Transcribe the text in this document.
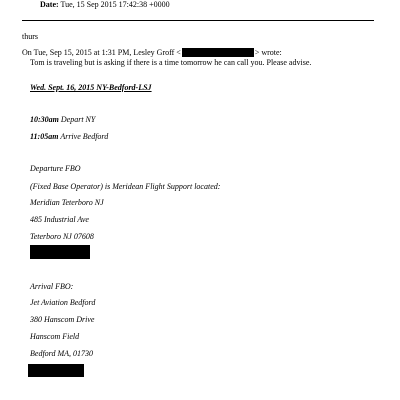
Date: Tue, 15 Sep 2015 17:42:38 +0000
thurs
On Tue, Sep 15, 2015 at 1:31 PM, Lesley Groff <	> wrote:
Tom is traveling but is asking if there is a time tomorrow he can call you. Please advise.
Wed. Sept. 16, 2015 NY-Bedford-LSJ
10:30am Depart NY
11:05am Arrive Bedford
Departure FBO
(Fixed Base Operator) is Meridean Flight Support located:
Meridian Teterboro NJ
485 Industrial Ave
Teterboro NJ 07608
Arrival FBO:
Jet Aviation Bedford
380 Hanscom Drive
Hanscom Field
Bedford MA, 01730
